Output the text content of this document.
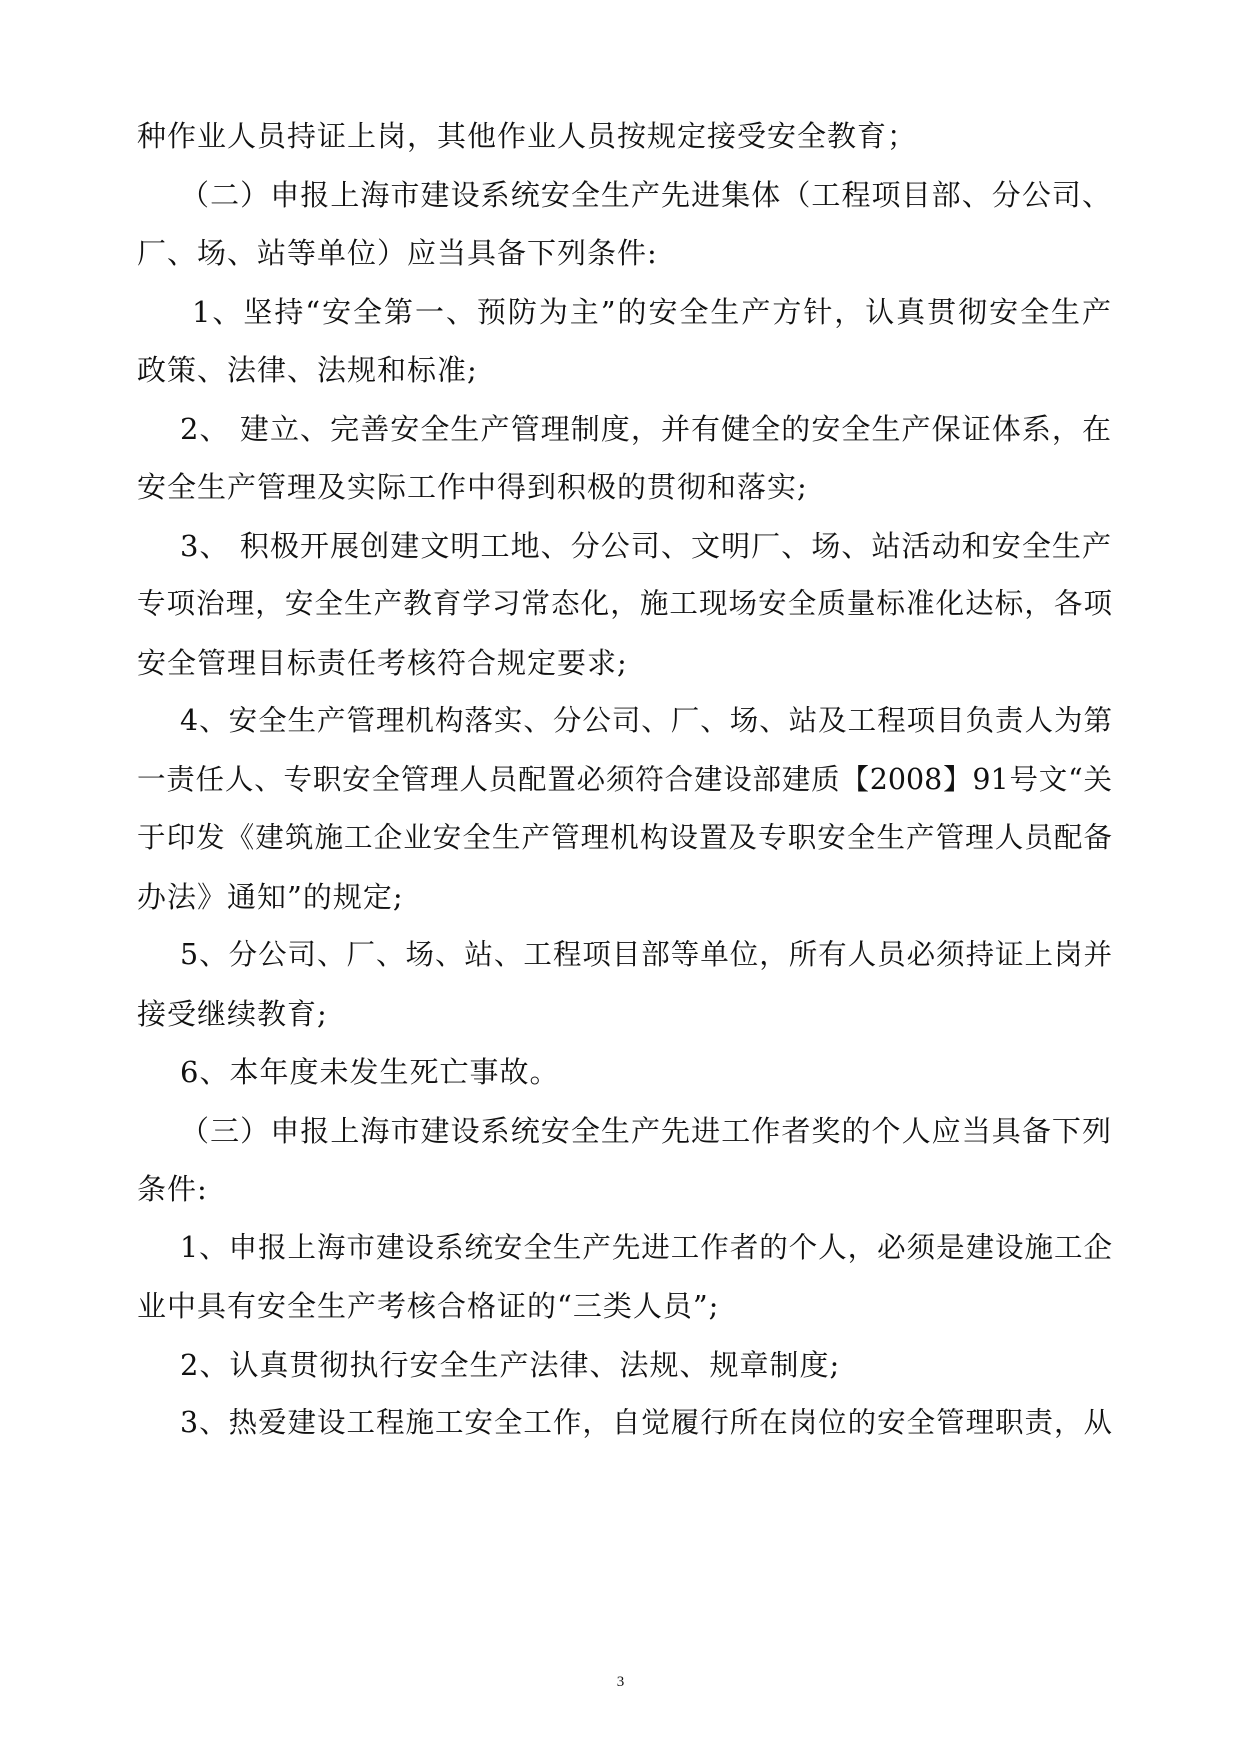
种作业人员持证上岗，其他作业人员按规定接受安全教育；
（二）申报上海市建设系统安全生产先进集体（工程项目部、分公司、
厂、场、站等单位）应当具备下列条件:
1、坚持“安全第一、预防为主”的安全生产方针，认真贯彻安全生产
政策、法律、法规和标准;
2、 建立、完善安全生产管理制度，并有健全的安全生产保证体系，在
安全生产管理及实际工作中得到积极的贯彻和落实;
3、 积极开展创建文明工地、分公司、文明厂、场、站活动和安全生产
专项治理，安全生产教育学习常态化，施工现场安全质量标准化达标，各项
安全管理目标责任考核符合规定要求;
4、安全生产管理机构落实、分公司、厂、场、站及工程项目负责人为第
一责任人、专职安全管理人员配置必须符合建设部建质【2008】91号文“关
于印发《建筑施工企业安全生产管理机构设置及专职安全生产管理人员配备
办法》通知”的规定;
5、分公司、厂、场、站、工程项目部等单位，所有人员必须持证上岗并
接受继续教育;
6、本年度未发生死亡事故。
（三）申报上海市建设系统安全生产先进工作者奖的个人应当具备下列
条件:
1、申报上海市建设系统安全生产先进工作者的个人，必须是建设施工企
业中具有安全生产考核合格证的“三类人员”;
2、认真贯彻执行安全生产法律、法规、规章制度;
3、热爱建设工程施工安全工作，自觉履行所在岗位的安全管理职责，从
3
